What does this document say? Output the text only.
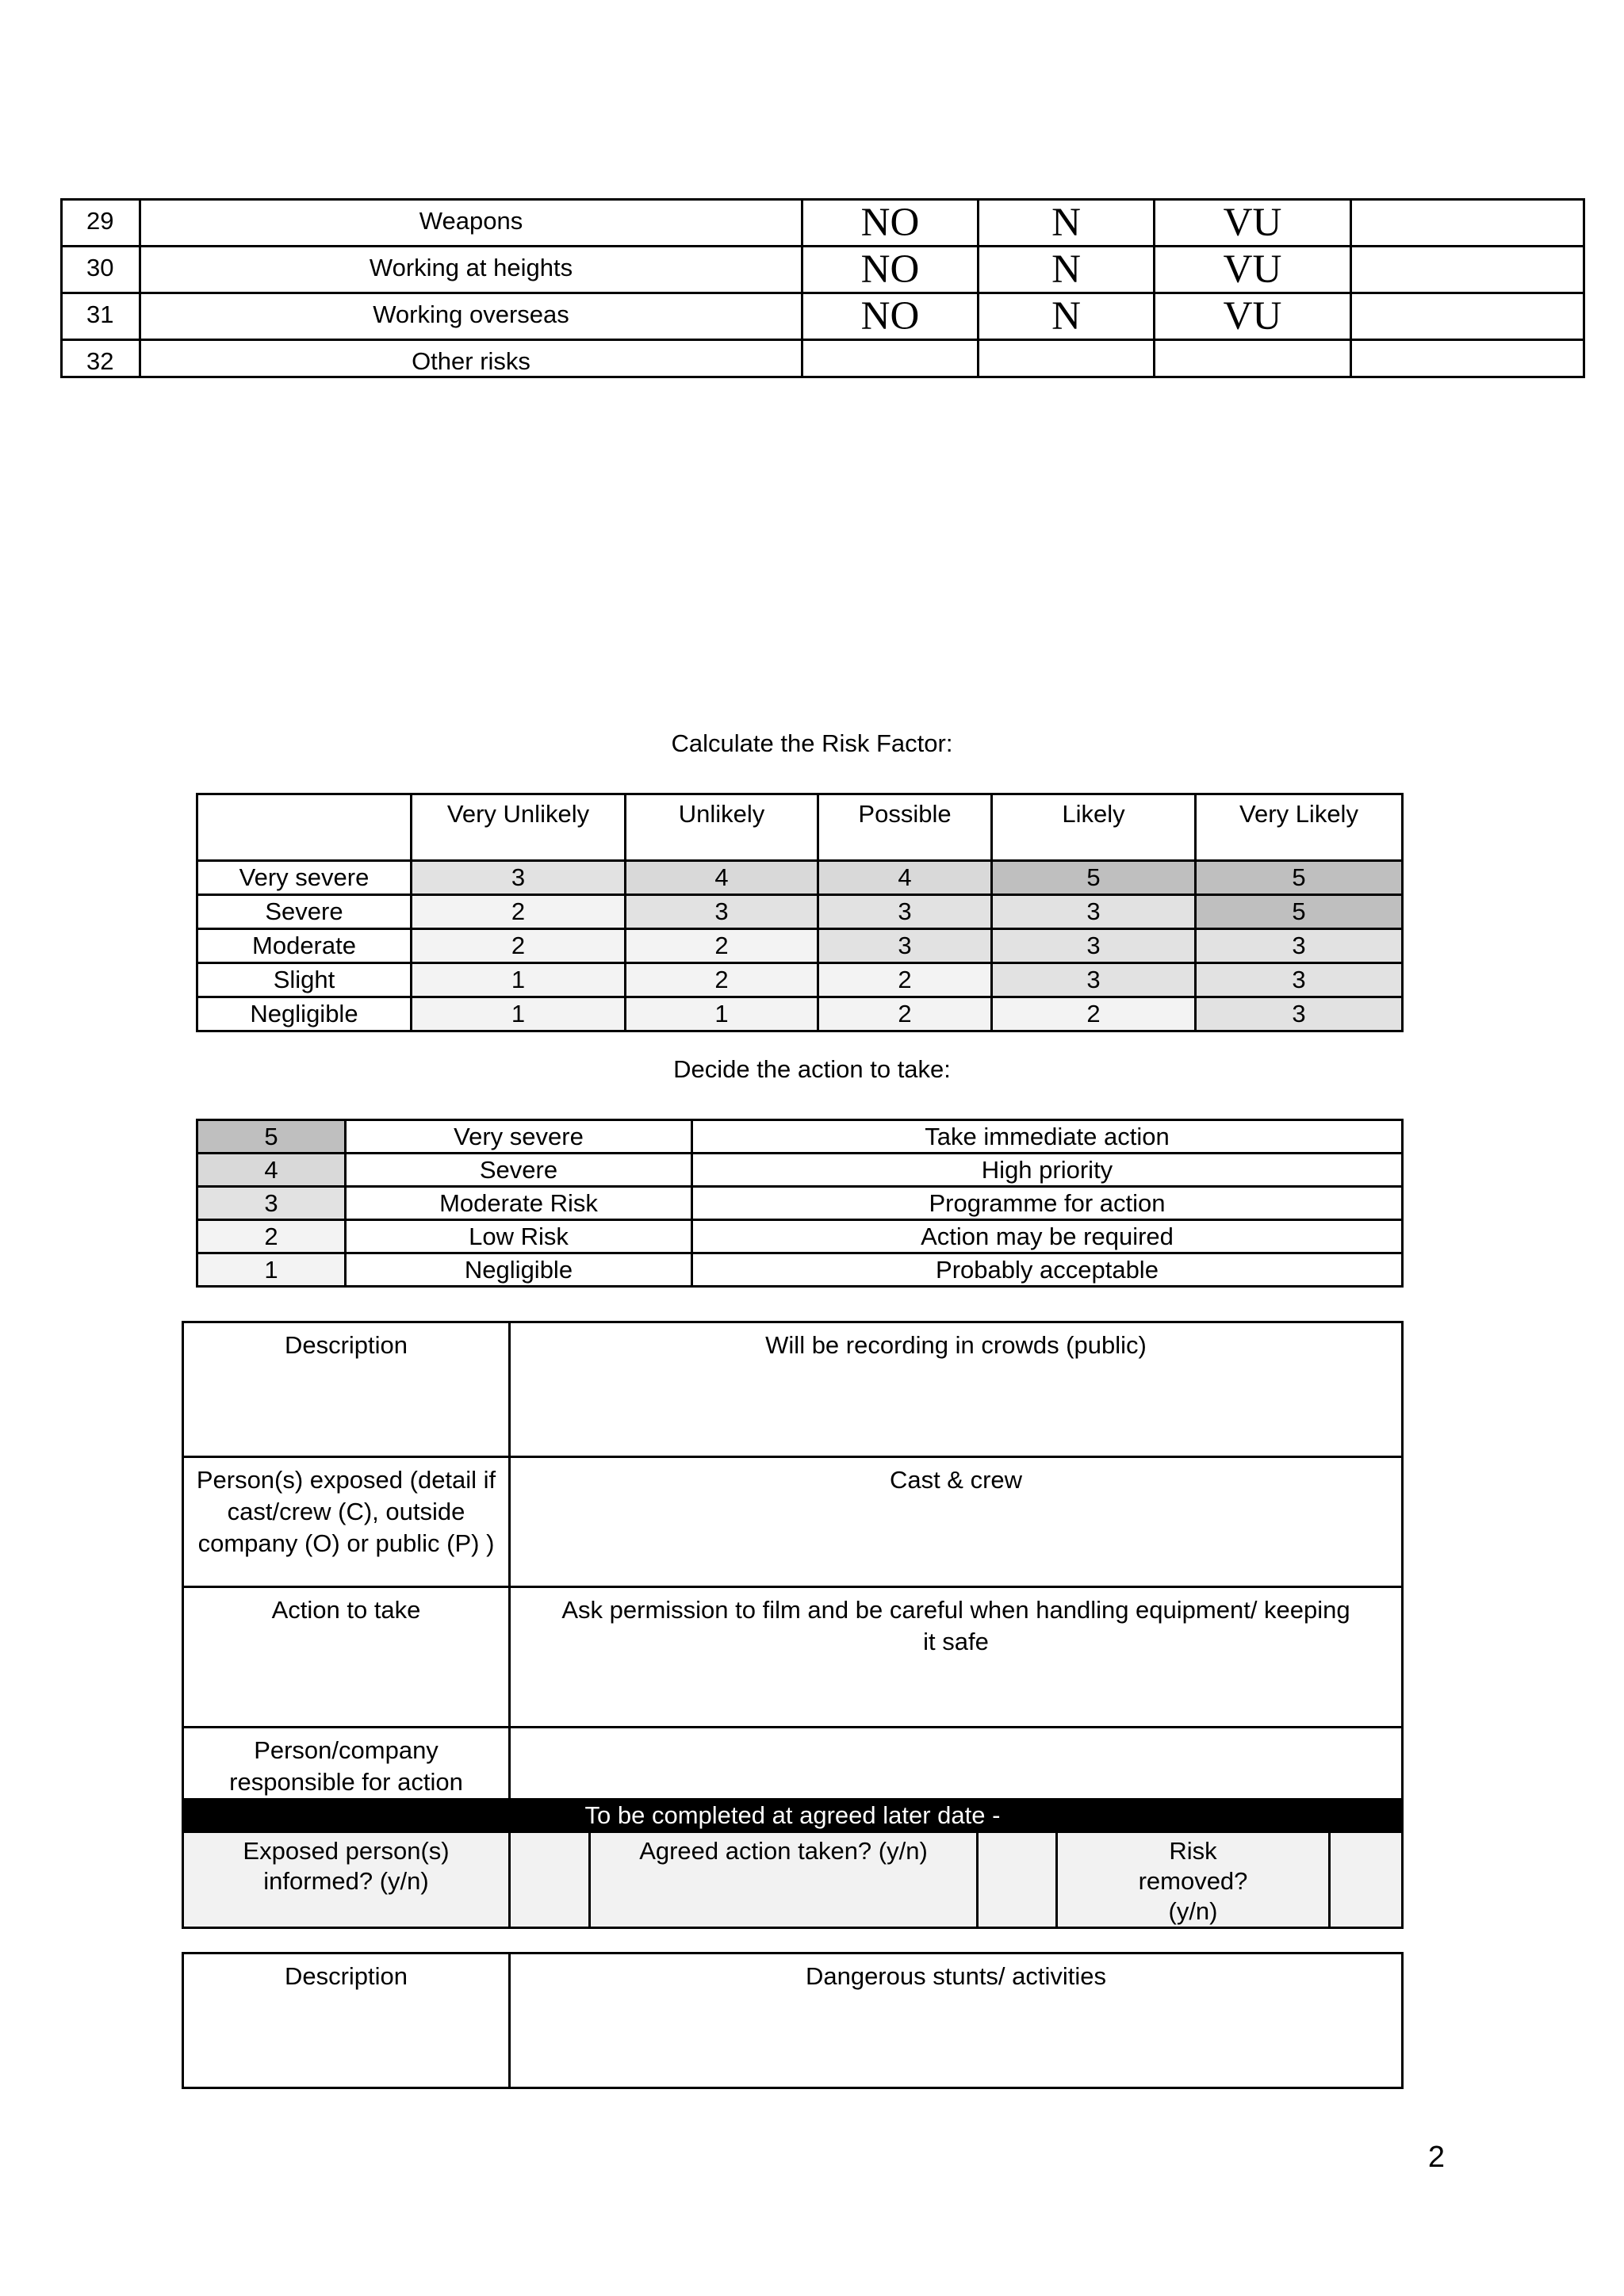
29	Weapons	NO	N	VU	
30	Working at heights	NO	N	VU	
31	Working overseas	NO	N	VU	
32	Other risks				
Calculate the Risk Factor:
	Very Unlikely	Unlikely	Possible	Likely	Very Likely
Very severe	3	4	4	5	5
Severe	2	3	3	3	5
Moderate	2	2	3	3	3
Slight	1	2	2	3	3
Negligible	1	1	2	2	3
Decide the action to take:
5	Very severe	Take immediate action
4	Severe	High priority
3	Moderate Risk	Programme for action
2	Low Risk	Action may be required
1	Negligible	Probably acceptable
Description	Will be recording in crowds (public)				
Person(s) exposed (detail if cast/crew (C), outside company (O) or public (P) )	Cast & crew				
Action to take	Ask permission to film and be careful when handling equipment/ keeping it safe				
Person/company responsible for action					
To be completed at agreed later date -					
Exposed person(s) informed? (y/n)		Agreed action taken? (y/n)		Risk removed? (y/n)	
Description	Dangerous stunts/ activities
2
